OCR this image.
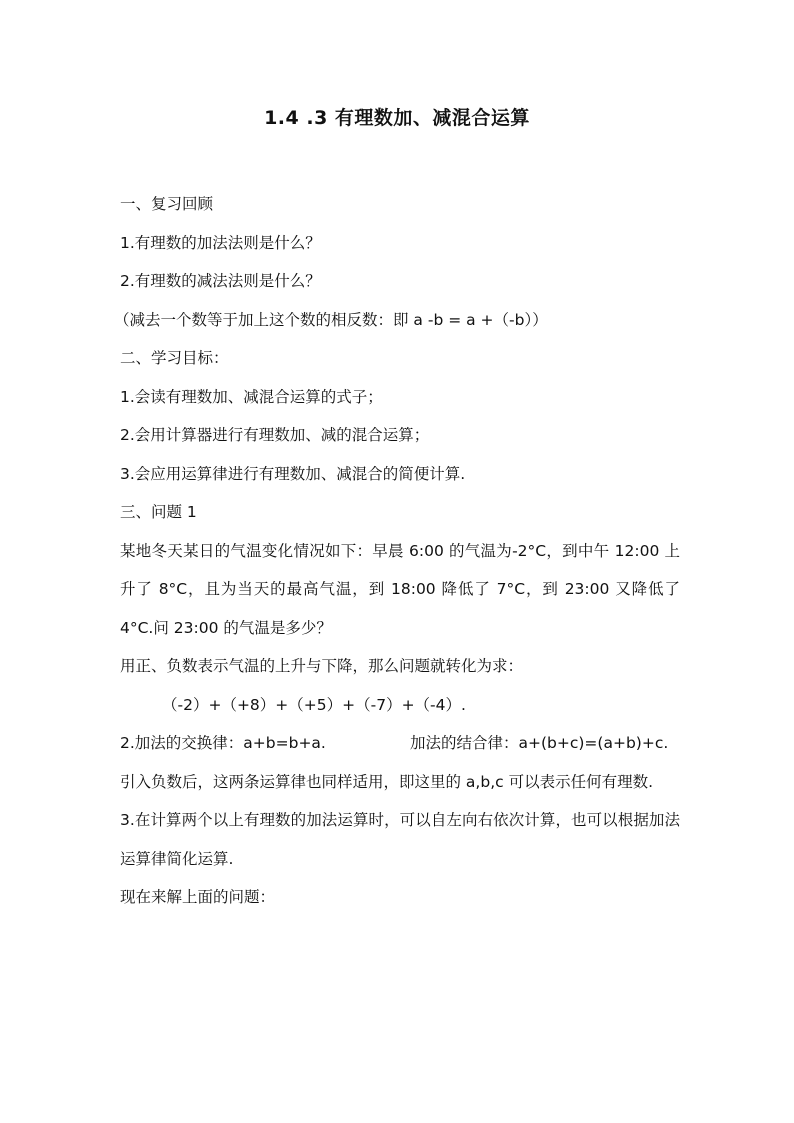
1.4 .3 有理数加、减混合运算
一、复习回顾
1.有理数的加法法则是什么？
2.有理数的减法法则是什么？
（减去一个数等于加上这个数的相反数：即 a -b = a +（-b））
二、学习目标：
1.会读有理数加、减混合运算的式子；
2.会用计算器进行有理数加、减的混合运算；
3.会应用运算律进行有理数加、减混合的简便计算.
三、问题 1
某地冬天某日的气温变化情况如下：早晨 6:00 的气温为-2°C，到中午 12:00 上升了 8°C，且为当天的最高气温，到 18:00 降低了 7°C，到 23:00 又降低了 4°C.问 23:00 的气温是多少？
用正、负数表示气温的上升与下降，那么问题就转化为求：
（-2）+（+8）+（+5）+（-7）+（-4）.
2.加法的交换律：a+b=b+a.	加法的结合律：a+(b+c)=(a+b)+c.
引入负数后，这两条运算律也同样适用，即这里的 a,b,c 可以表示任何有理数.
3.在计算两个以上有理数的加法运算时，可以自左向右依次计算，也可以根据加法运算律简化运算.
现在来解上面的问题：
